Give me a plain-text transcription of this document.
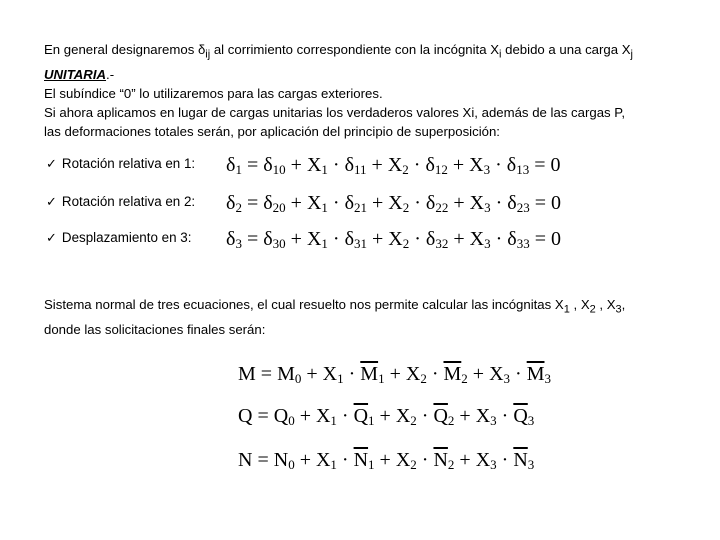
En general designaremos $\delta_{ij}$ al corrimiento correspondiente con la incógnita $X_i$ debido a una carga $X_j$

UNITARIA.-

El subíndice “0” lo utilizaremos para las cargas exteriores.

Si ahora aplicamos en lugar de cargas unitarias los verdaderos valores Xi, además de las cargas P,

las deformaciones totales serán, por aplicación del principio de superposición:

✓ Rotación relativa en 1: $\delta_1 = \delta_{10} + X_1 \cdot \delta_{11} + X_2 \cdot \delta_{12} + X_3 \cdot \delta_{13} = 0$
✓ Rotación relativa en 2: $\delta_2 = \delta_{20} + X_1 \cdot \delta_{21} + X_2 \cdot \delta_{22} + X_3 \cdot \delta_{23} = 0$
✓ Desplazamiento en 3: $\delta_3 = \delta_{30} + X_1 \cdot \delta_{31} + X_2 \cdot \delta_{32} + X_3 \cdot \delta_{33} = 0$

Sistema normal de tres ecuaciones, el cual resuelto nos permite calcular las incógnitas $X_1$ , $X_2$ , $X_3$,

donde las solicitaciones finales serán:

$M = M_0 + X_1 \cdot \overline{M}_1 + X_2 \cdot \overline{M}_2 + X_3 \cdot \overline{M}_3$
$Q = Q_0 + X_1 \cdot \overline{Q}_1 + X_2 \cdot \overline{Q}_2 + X_3 \cdot \overline{Q}_3$
$N = N_0 + X_1 \cdot \overline{N}_1 + X_2 \cdot \overline{N}_2 + X_3 \cdot \overline{N}_3$
